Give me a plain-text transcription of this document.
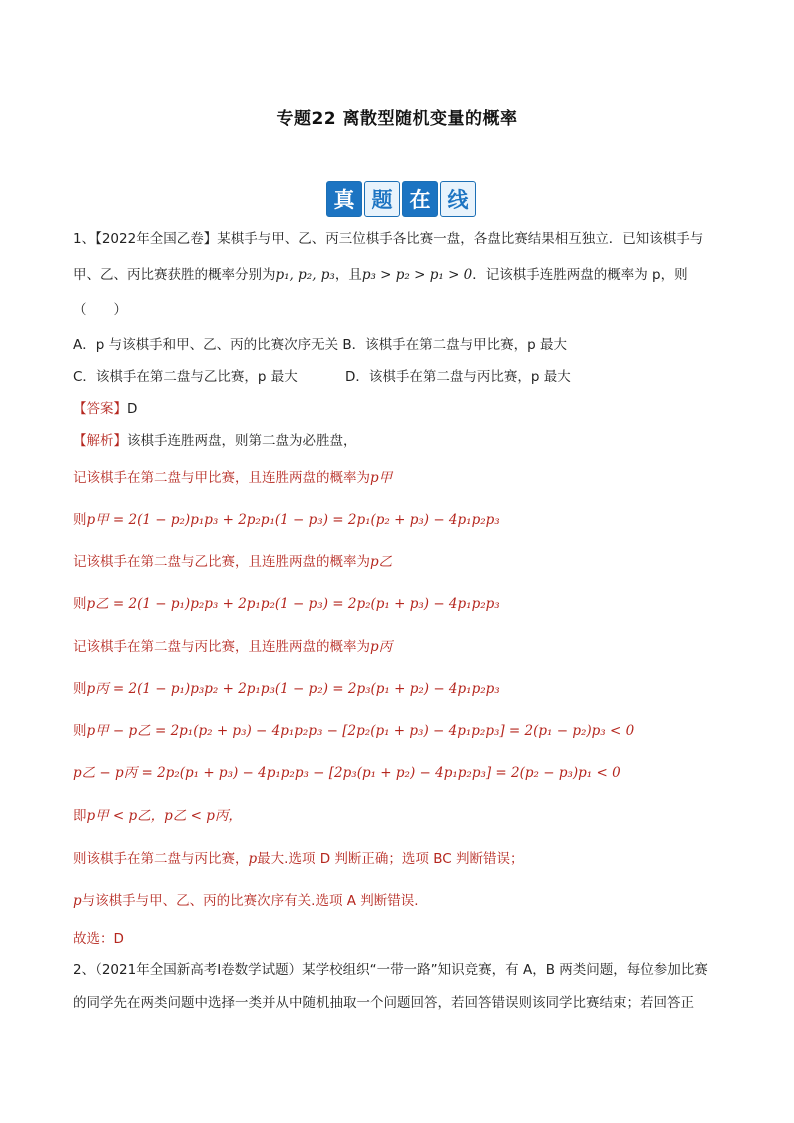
专题22 离散型随机变量的概率
真 题 在 线
1、【2022年全国乙卷】某棋手与甲、乙、丙三位棋手各比赛一盘，各盘比赛结果相互独立．已知该棋手与
甲、乙、丙比赛获胜的概率分别为p₁, p₂, p₃，且p₃ > p₂ > p₁ > 0．记该棋手连胜两盘的概率为 p，则
（　　）
A．p 与该棋手和甲、乙、丙的比赛次序无关 B．该棋手在第二盘与甲比赛，p 最大
C．该棋手在第二盘与乙比赛，p 最大	D．该棋手在第二盘与丙比赛，p 最大
【答案】D
【解析】该棋手连胜两盘，则第二盘为必胜盘，
记该棋手在第二盘与甲比赛，且连胜两盘的概率为p甲
则p甲 = 2(1 − p₂)p₁p₃ + 2p₂p₁(1 − p₃) = 2p₁(p₂ + p₃) − 4p₁p₂p₃
记该棋手在第二盘与乙比赛，且连胜两盘的概率为p乙
则p乙 = 2(1 − p₁)p₂p₃ + 2p₁p₂(1 − p₃) = 2p₂(p₁ + p₃) − 4p₁p₂p₃
记该棋手在第二盘与丙比赛，且连胜两盘的概率为p丙
则p丙 = 2(1 − p₁)p₃p₂ + 2p₁p₃(1 − p₂) = 2p₃(p₁ + p₂) − 4p₁p₂p₃
则p甲 − p乙 = 2p₁(p₂ + p₃) − 4p₁p₂p₃ − [2p₂(p₁ + p₃) − 4p₁p₂p₃] = 2(p₁ − p₂)p₃ < 0
p乙 − p丙 = 2p₂(p₁ + p₃) − 4p₁p₂p₃ − [2p₃(p₁ + p₂) − 4p₁p₂p₃] = 2(p₂ − p₃)p₁ < 0
即p甲 < p乙，p乙 < p丙，
则该棋手在第二盘与丙比赛，p最大.选项 D 判断正确；选项 BC 判断错误；
p与该棋手与甲、乙、丙的比赛次序有关.选项 A 判断错误.
故选：D
2、（2021年全国新高考Ⅰ卷数学试题）某学校组织“一带一路”知识竞赛，有 A，B 两类问题，每位参加比赛
的同学先在两类问题中选择一类并从中随机抽取一个问题回答，若回答错误则该同学比赛结束；若回答正
